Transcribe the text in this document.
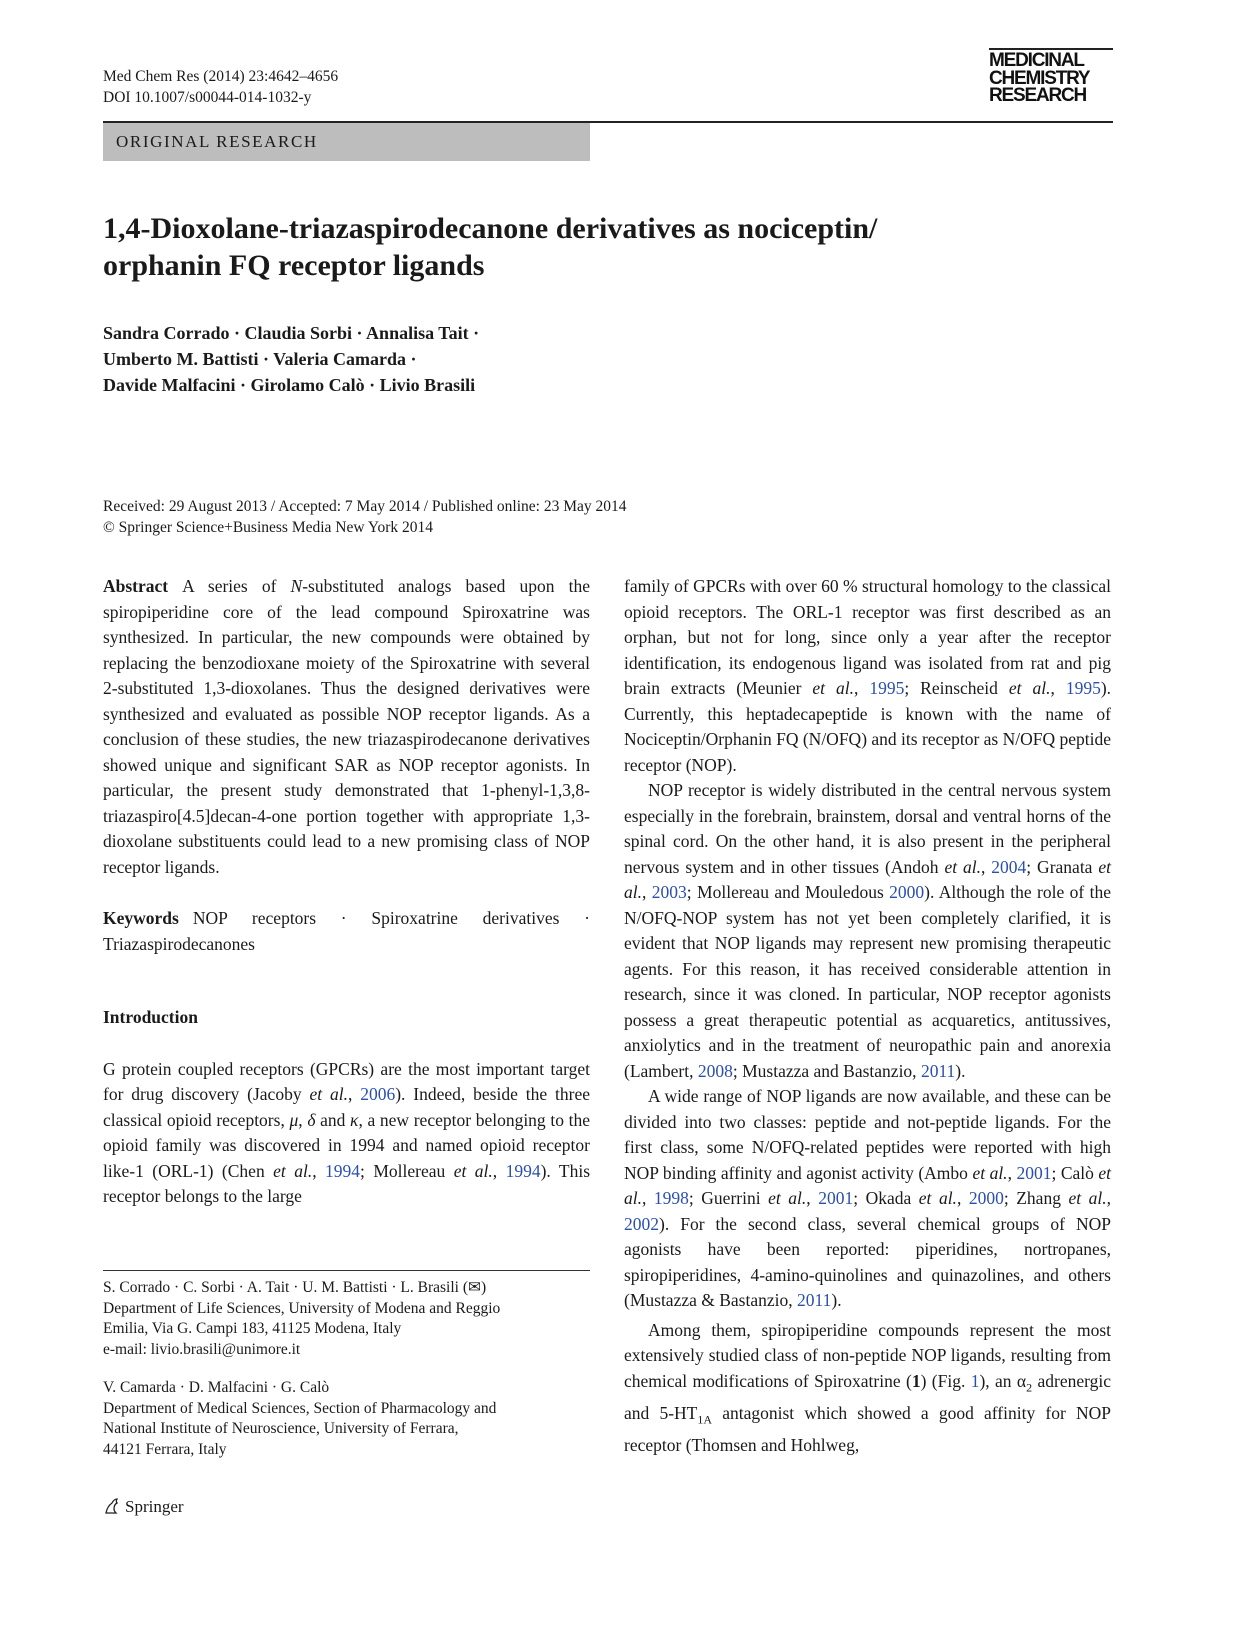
Med Chem Res (2014) 23:4642–4656
DOI 10.1007/s00044-014-1032-y
MEDICINAL
CHEMISTRY
RESEARCH
ORIGINAL RESEARCH
1,4-Dioxolane-triazaspirodecanone derivatives as nociceptin/
orphanin FQ receptor ligands
Sandra Corrado · Claudia Sorbi · Annalisa Tait ·
Umberto M. Battisti · Valeria Camarda ·
Davide Malfacini · Girolamo Calò · Livio Brasili
Received: 29 August 2013 / Accepted: 7 May 2014 / Published online: 23 May 2014
© Springer Science+Business Media New York 2014

Abstract A series of N-substituted analogs based upon the spiropiperidine core of the lead compound Spiroxatrine was synthesized. In particular, the new compounds were obtained by replacing the benzodioxane moiety of the Spiroxatrine with several 2-substituted 1,3-dioxolanes. Thus the designed derivatives were synthesized and evaluated as possible NOP receptor ligands. As a conclusion of these studies, the new triazaspirodecanone derivatives showed unique and significant SAR as NOP receptor agonists. In particular, the present study demonstrated that 1-phenyl-1,3,8-triazaspiro[4.5]decan-4-one portion together with appropriate 1,3-dioxolane substituents could lead to a new promising class of NOP receptor ligands.

Keywords NOP receptors · Spiroxatrine derivatives · Triazaspirodecanones

Introduction

G protein coupled receptors (GPCRs) are the most important target for drug discovery (Jacoby et al., 2006). Indeed, beside the three classical opioid receptors, μ, δ and κ, a new receptor belonging to the opioid family was discovered in 1994 and named opioid receptor like-1 (ORL-1) (Chen et al., 1994; Mollereau et al., 1994). This receptor belongs to the large

family of GPCRs with over 60 % structural homology to the classical opioid receptors. The ORL-1 receptor was first described as an orphan, but not for long, since only a year after the receptor identification, its endogenous ligand was isolated from rat and pig brain extracts (Meunier et al., 1995; Reinscheid et al., 1995). Currently, this heptadecapeptide is known with the name of Nociceptin/Orphanin FQ (N/OFQ) and its receptor as N/OFQ peptide receptor (NOP).

NOP receptor is widely distributed in the central nervous system especially in the forebrain, brainstem, dorsal and ventral horns of the spinal cord. On the other hand, it is also present in the peripheral nervous system and in other tissues (Andoh et al., 2004; Granata et al., 2003; Mollereau and Mouledous 2000). Although the role of the N/OFQ-NOP system has not yet been completely clarified, it is evident that NOP ligands may represent new promising therapeutic agents. For this reason, it has received considerable attention in research, since it was cloned. In particular, NOP receptor agonists possess a great therapeutic potential as acquaretics, antitussives, anxiolytics and in the treatment of neuropathic pain and anorexia (Lambert, 2008; Mustazza and Bastanzio, 2011).

A wide range of NOP ligands are now available, and these can be divided into two classes: peptide and not-peptide ligands. For the first class, some N/OFQ-related peptides were reported with high NOP binding affinity and agonist activity (Ambo et al., 2001; Calò et al., 1998; Guerrini et al., 2001; Okada et al., 2000; Zhang et al., 2002). For the second class, several chemical groups of NOP agonists have been reported: piperidines, nortropanes, spiropiperidines, 4-amino-quinolines and quinazolines, and others (Mustazza & Bastanzio, 2011).

Among them, spiropiperidine compounds represent the most extensively studied class of non-peptide NOP ligands, resulting from chemical modifications of Spiroxatrine (1) (Fig. 1), an $\alpha_2$ adrenergic and $5-HT_{1A}$ antagonist which showed a good affinity for NOP receptor (Thomsen and Hohlweg,

S. Corrado · C. Sorbi · A. Tait · U. M. Battisti · L. Brasili (✉)

Department of Life Sciences, University of Modena and Reggio

Emilia, Via G. Campi 183, 41125 Modena, Italy

e-mail: livio.brasili@unimore.it

V. Camarda · D. Malfacini · G. Calò

Department of Medical Sciences, Section of Pharmacology and

National Institute of Neuroscience, University of Ferrara,

44121 Ferrara, Italy

Springer
